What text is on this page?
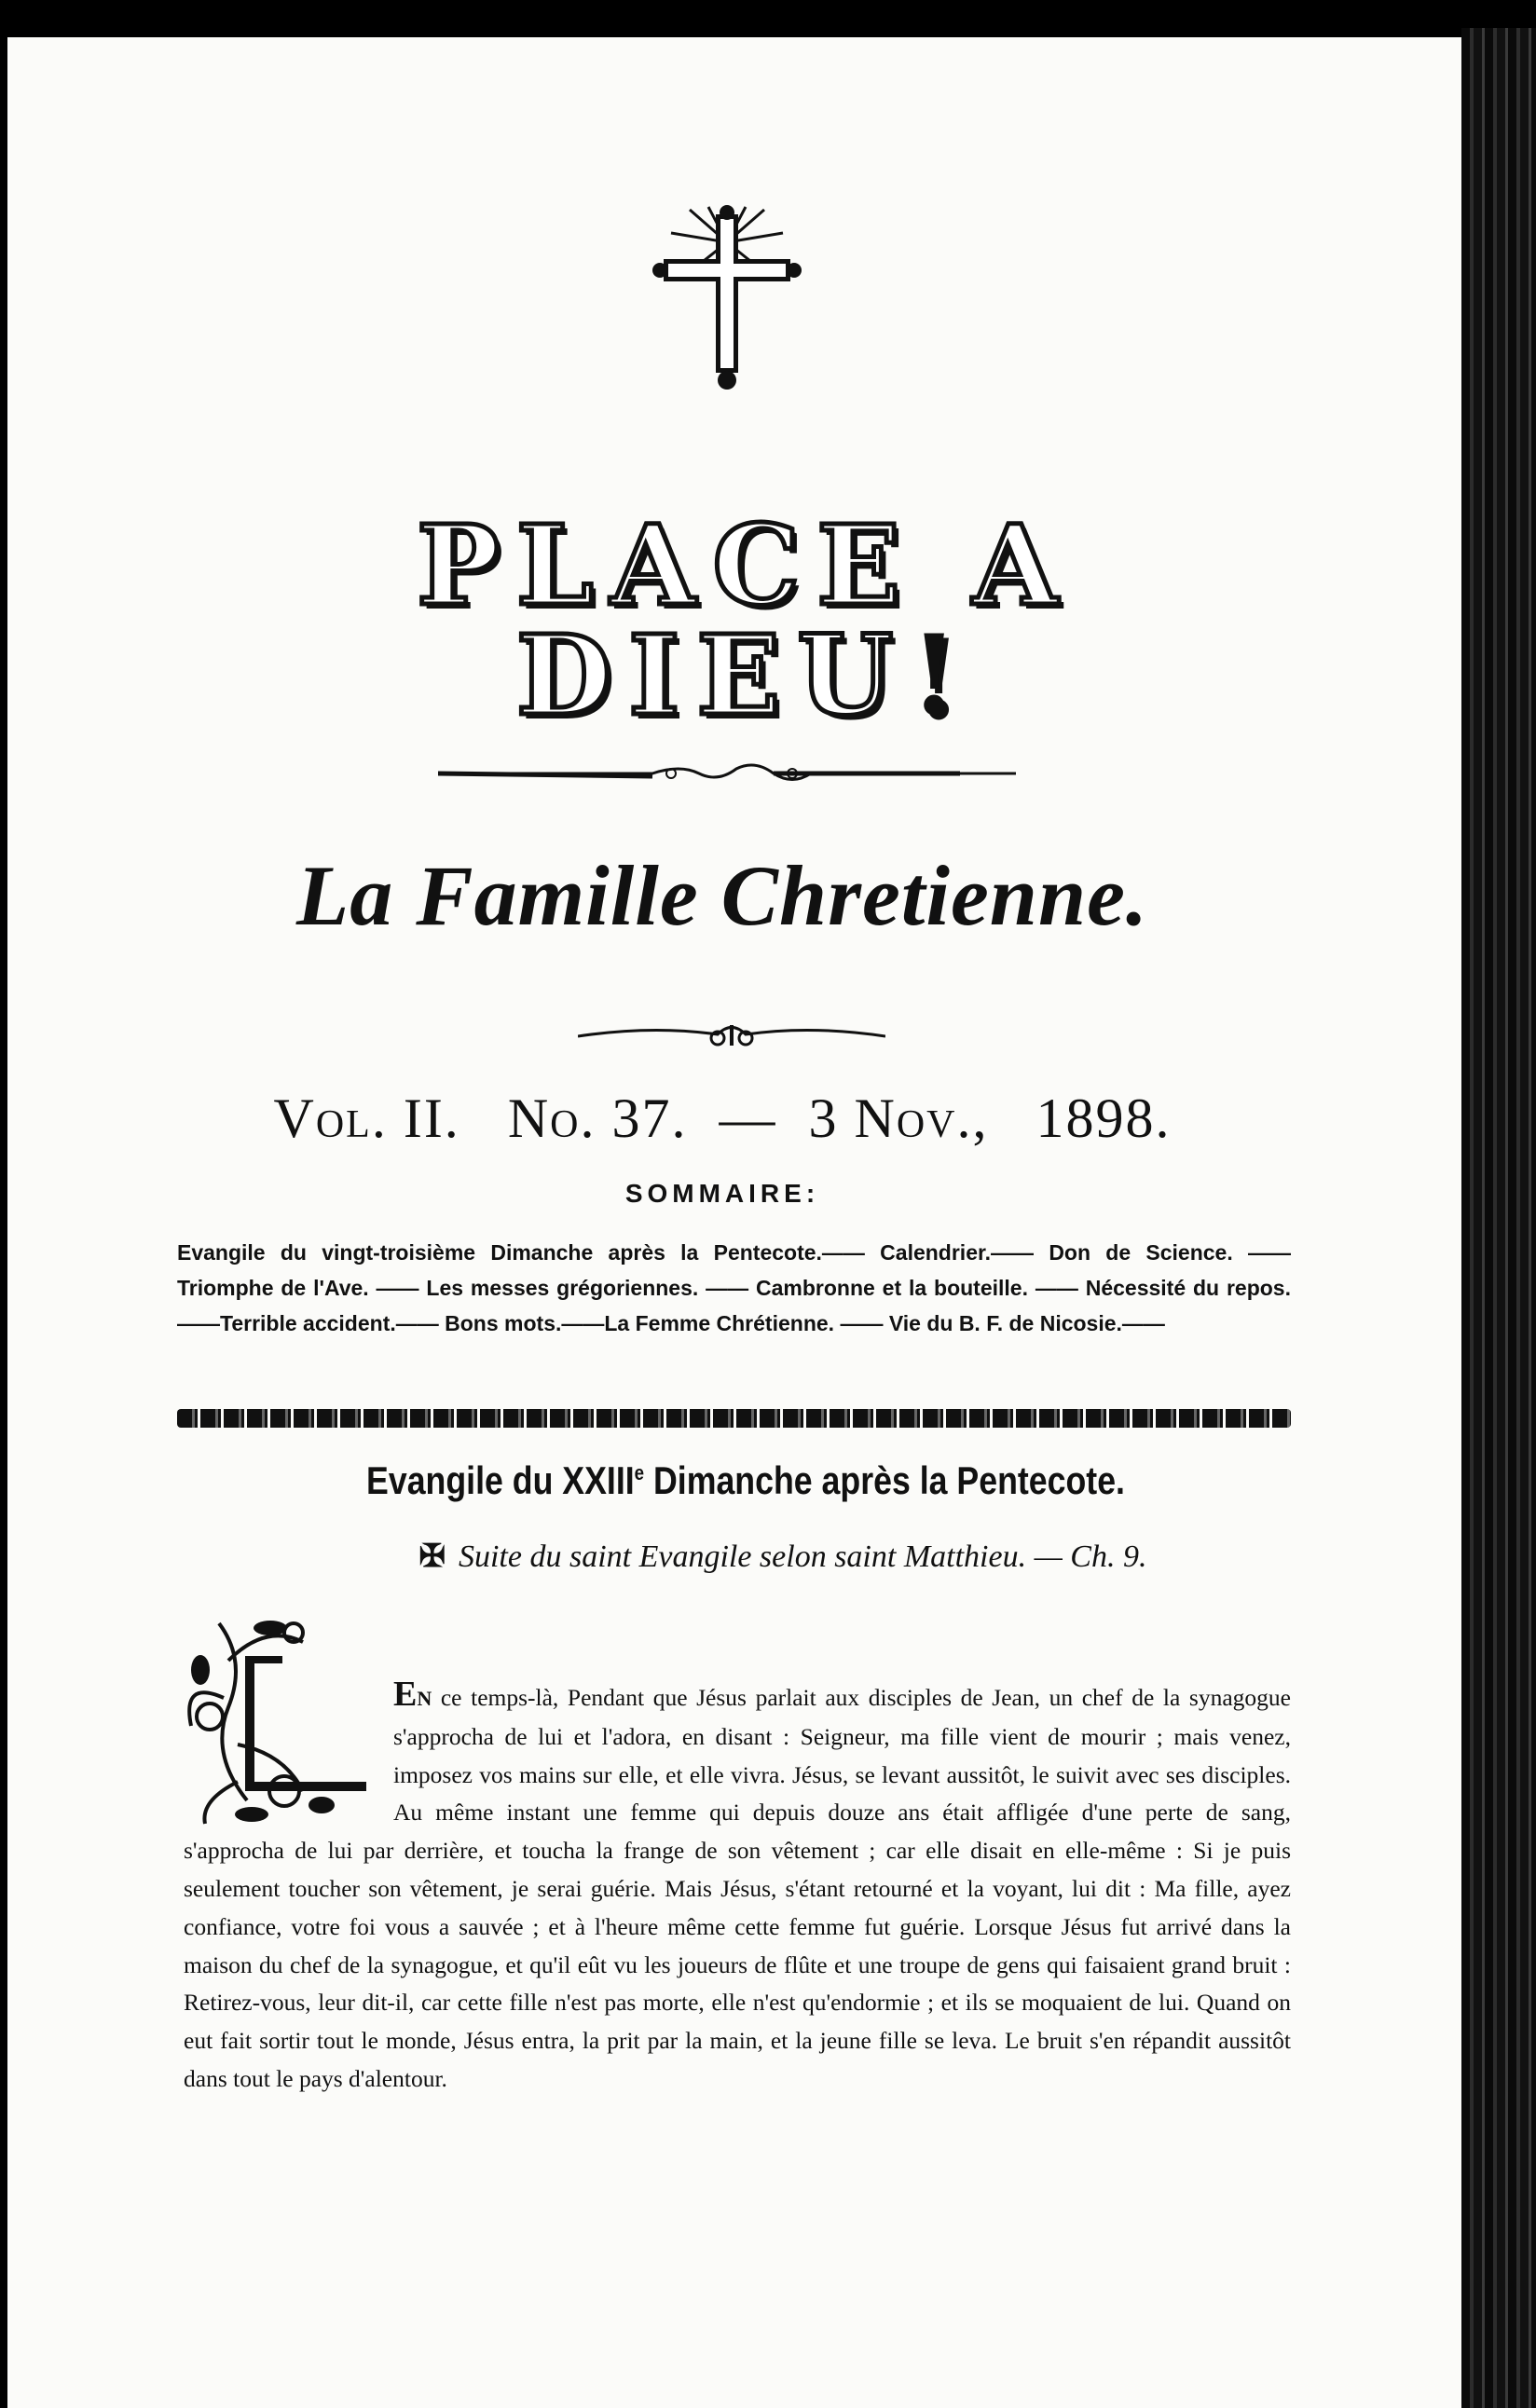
PLACE A DIEU!
La Famille Chretienne.
Vol. II. No. 37. — 3 Nov., 1898.
SOMMAIRE:
Evangile du vingt-troisième Dimanche après la Pentecote.—— Calendrier.—— Don de Science. —— Triomphe de l'Ave. —— Les messes grégoriennes. —— Cambronne et la bouteille. —— Nécessité du repos. ——Terrible accident.—— Bons mots.——La Femme Chrétienne. —— Vie du B. F. de Nicosie.——
Evangile du XXIIIe Dimanche après la Pentecote.
✠ Suite du saint Evangile selon saint Matthieu. — Ch. 9.
EN ce temps-là, Pendant que Jésus parlait aux disciples de Jean, un chef de la synagogue s'approcha de lui et l'adora, en disant : Seigneur, ma fille vient de mourir ; mais venez, imposez vos mains sur elle, et elle vivra. Jésus, se levant aussitôt, le suivit avec ses disciples. Au même instant une femme qui depuis douze ans était affligée d'une perte de sang, s'approcha de lui par derrière, et toucha la frange de son vêtement ; car elle disait en elle-même : Si je puis seulement toucher son vêtement, je serai guérie. Mais Jésus, s'étant retourné et la voyant, lui dit : Ma fille, ayez confiance, votre foi vous a sauvée ; et à l'heure même cette femme fut guérie. Lorsque Jésus fut arrivé dans la maison du chef de la synagogue, et qu'il eût vu les joueurs de flûte et une troupe de gens qui faisaient grand bruit : Retirez-vous, leur dit-il, car cette fille n'est pas morte, elle n'est qu'endormie ; et ils se moquaient de lui. Quand on eut fait sortir tout le monde, Jésus entra, la prit par la main, et la jeune fille se leva. Le bruit s'en répandit aussitôt dans tout le pays d'alentour.
